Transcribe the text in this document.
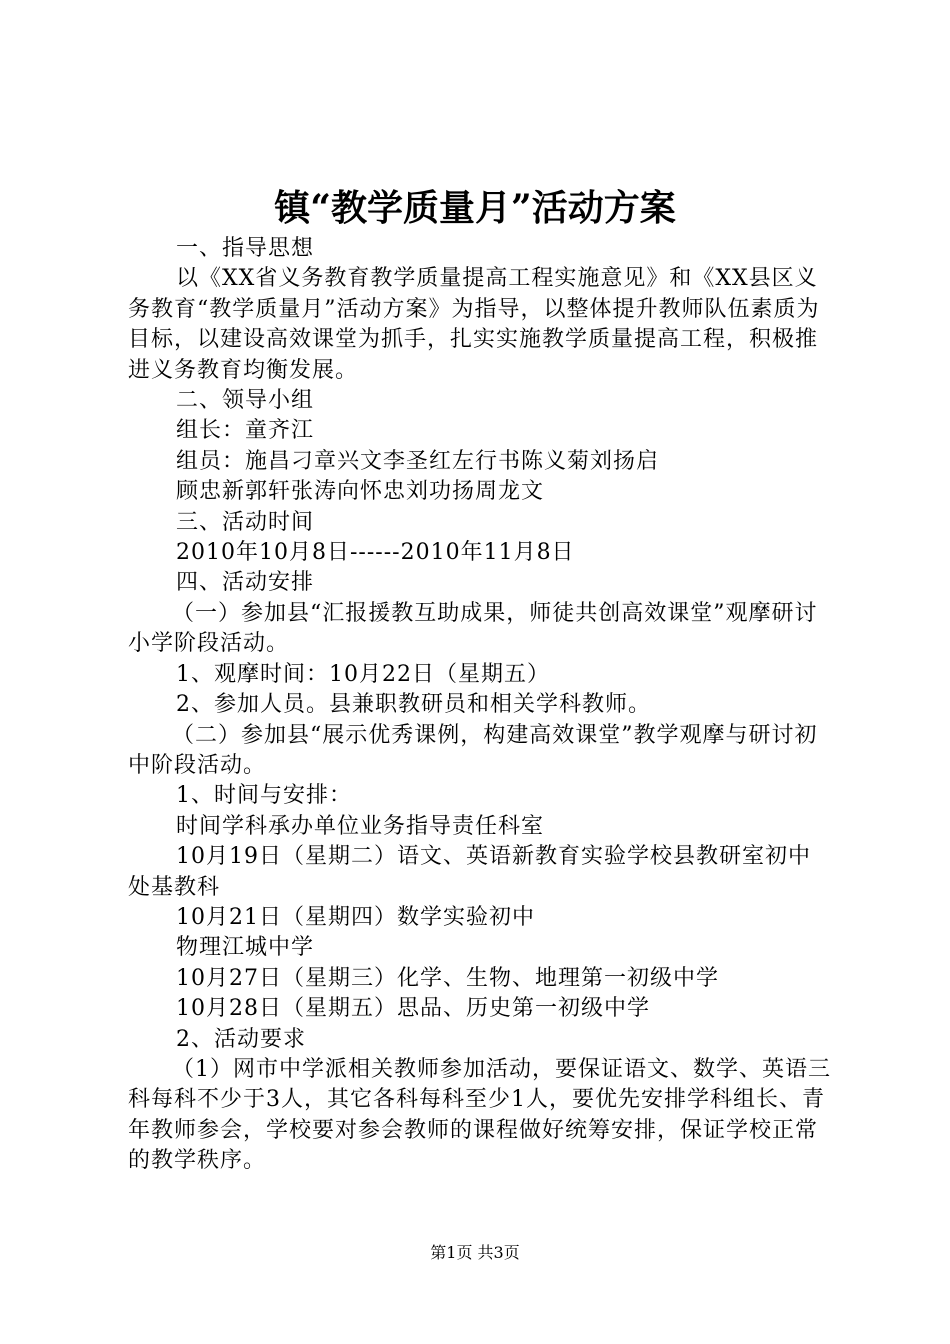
镇“教学质量月”活动方案

一、指导思想

以《XX省义务教育教学质量提高工程实施意见》和《XX县区义务教育“教学质量月”活动方案》为指导，以整体提升教师队伍素质为目标，以建设高效课堂为抓手，扎实实施教学质量提高工程，积极推进义务教育均衡发展。

二、领导小组

组长：童齐江

组员：施昌刁章兴文李圣红左行书陈义菊刘扬启

顾忠新郭轩张涛向怀忠刘功扬周龙文

三、活动时间

2010年10月8日------2010年11月8日

四、活动安排

（一）参加县“汇报援教互助成果，师徒共创高效课堂”观摩研讨小学阶段活动。

1、观摩时间：10月22日（星期五）

2、参加人员。县兼职教研员和相关学科教师。

（二）参加县“展示优秀课例，构建高效课堂”教学观摩与研讨初中阶段活动。

1、时间与安排：

时间学科承办单位业务指导责任科室

10月19日（星期二）语文、英语新教育实验学校县教研室初中处基教科

10月21日（星期四）数学实验初中

物理江城中学

10月27日（星期三）化学、生物、地理第一初级中学

10月28日（星期五）思品、历史第一初级中学

2、活动要求

（1）网市中学派相关教师参加活动，要保证语文、数学、英语三科每科不少于3人，其它各科每科至少1人，要优先安排学科组长、青年教师参会，学校要对参会教师的课程做好统筹安排，保证学校正常的教学秩序。

第1页 共3页
